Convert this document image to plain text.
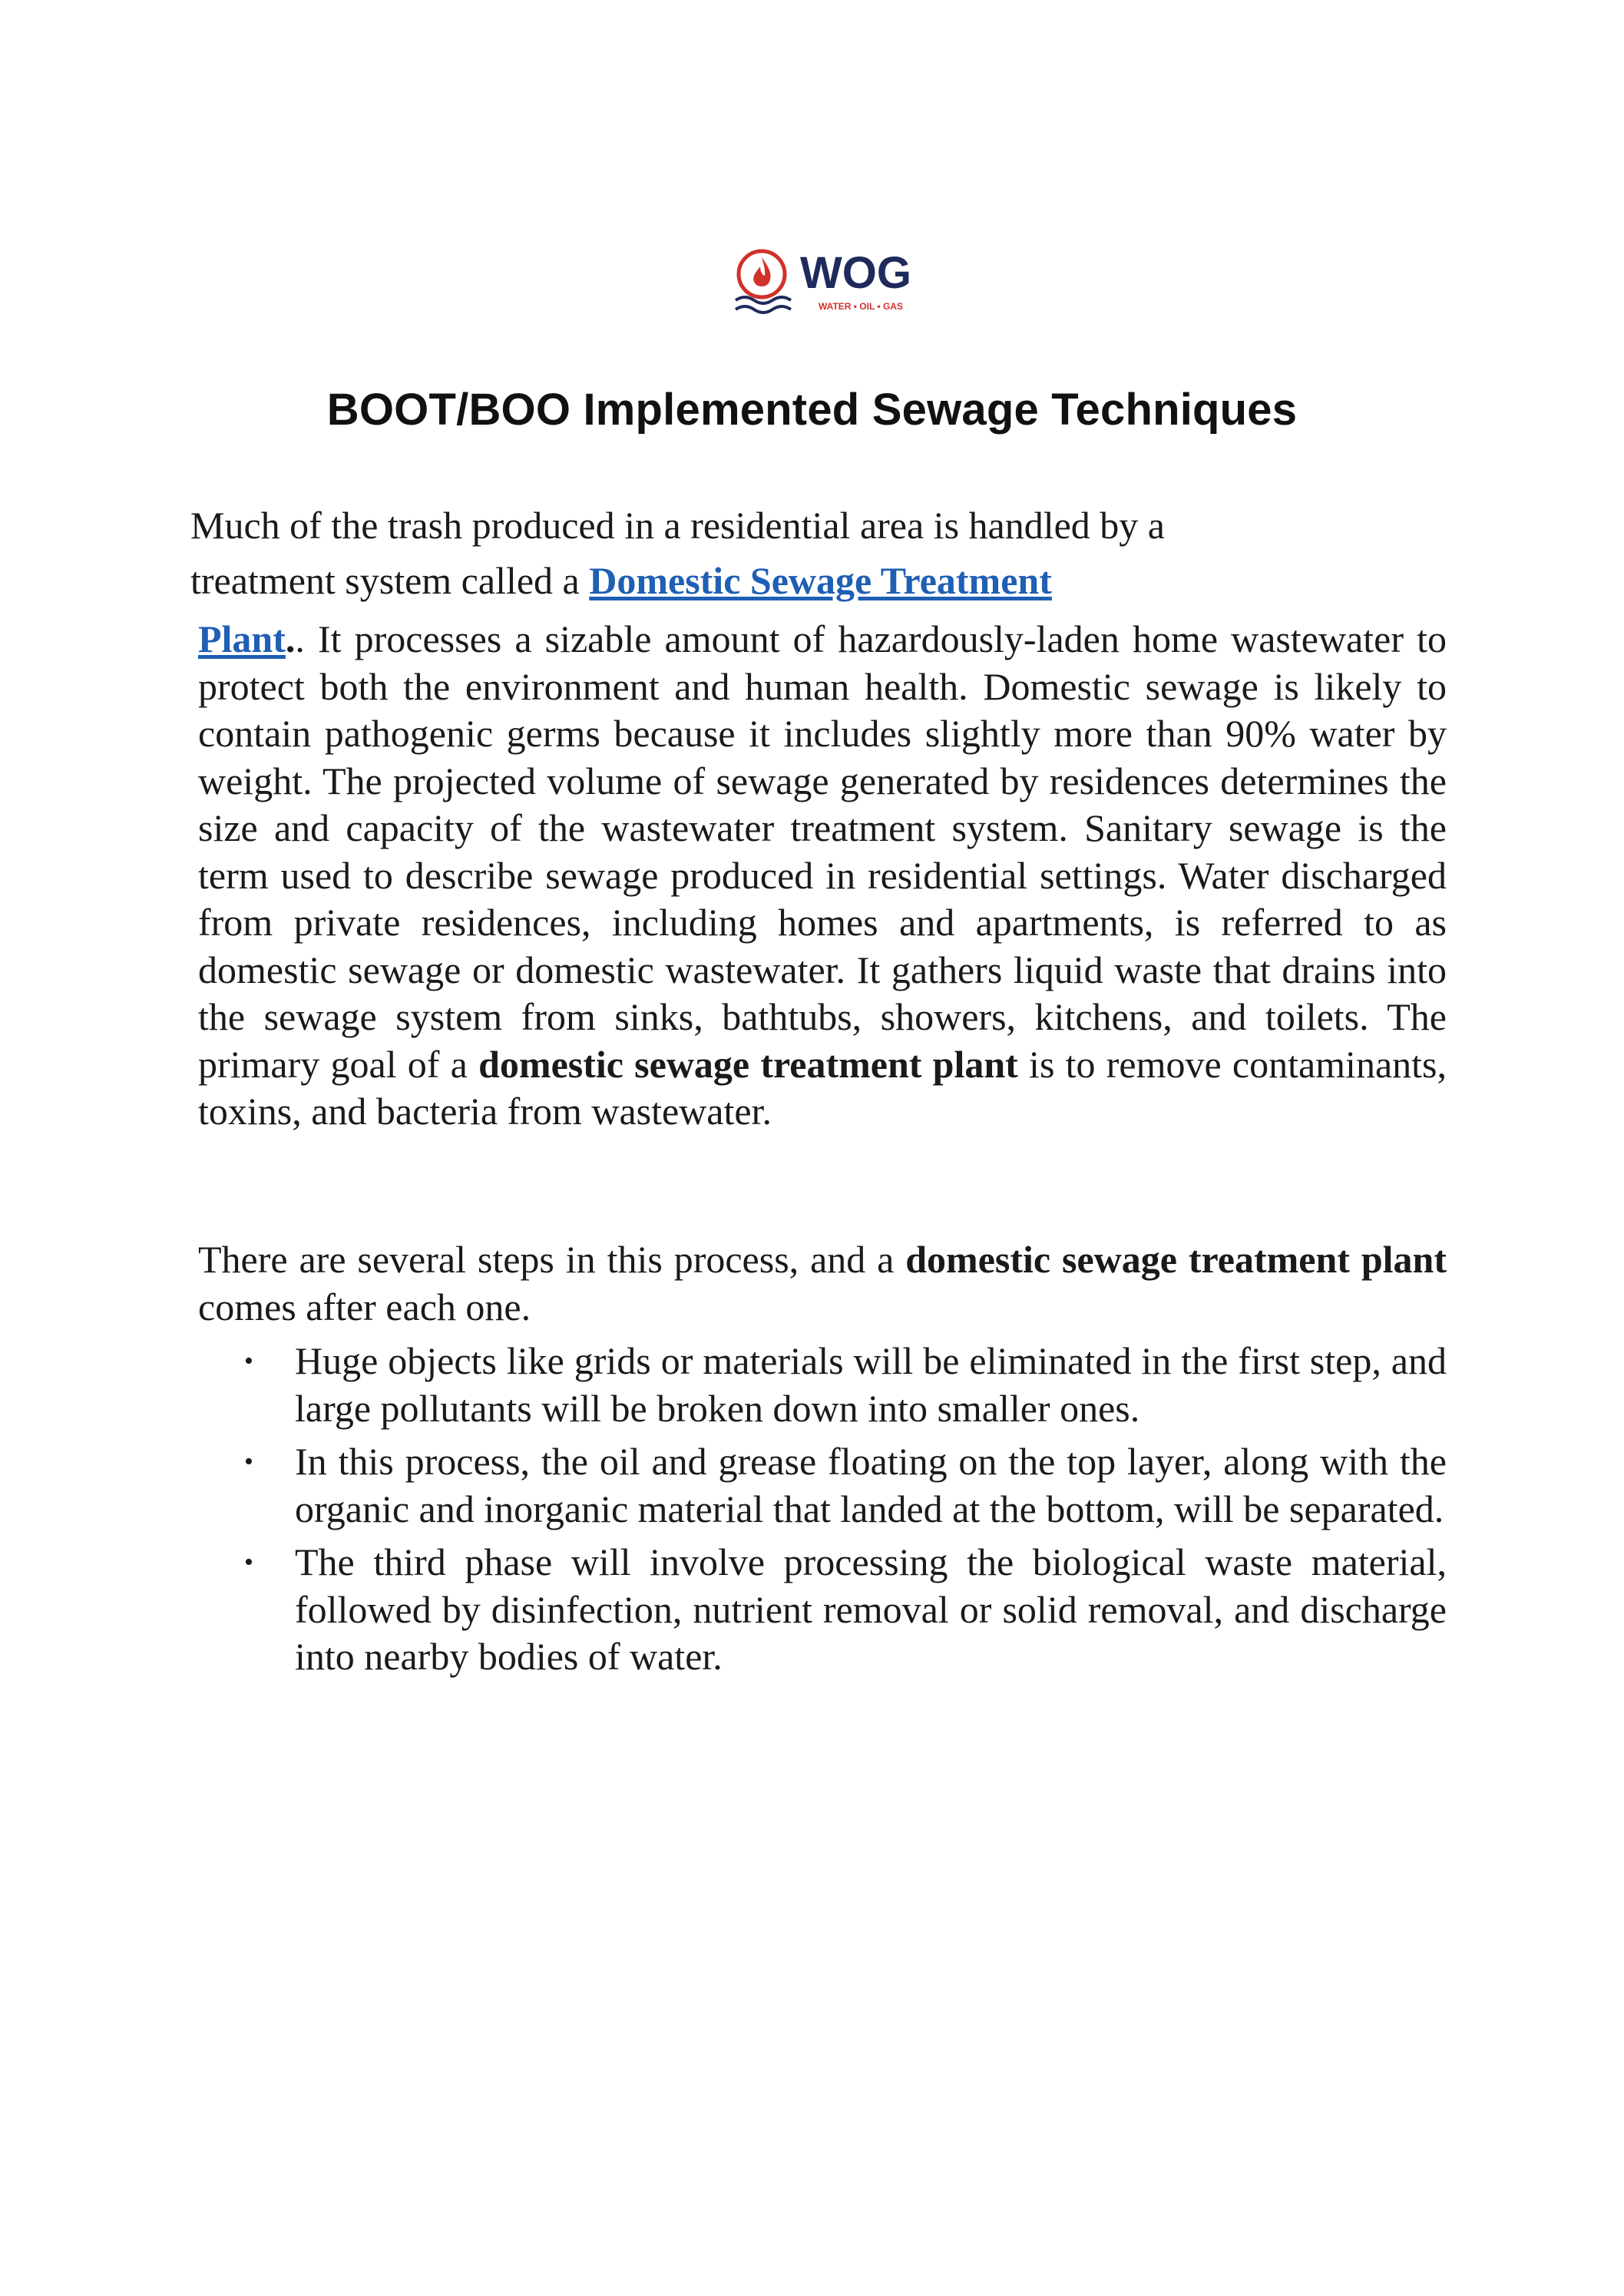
WOG
WATER • OIL • GAS
BOOT/BOO Implemented Sewage Techniques

Much of the trash produced in a residential area is handled by a
treatment system called a Domestic Sewage Treatment

Plant.. It processes a sizable amount of hazardously-laden home wastewater to protect both the environment and human health. Domestic sewage is likely to contain pathogenic germs because it includes slightly more than 90% water by weight. The projected volume of sewage generated by residences determines the size and capacity of the wastewater treatment system. Sanitary sewage is the term used to describe sewage produced in residential settings. Water discharged from private residences, including homes and apartments, is referred to as domestic sewage or domestic wastewater. It gathers liquid waste that drains into the sewage system from sinks, bathtubs, showers, kitchens, and toilets. The primary goal of a domestic sewage treatment plant is to remove contaminants, toxins, and bacteria from wastewater.

There are several steps in this process, and a domestic sewage treatment plant comes after each one.

• Huge objects like grids or materials will be eliminated in the first step, and large pollutants will be broken down into smaller ones.
• In this process, the oil and grease floating on the top layer, along with the organic and inorganic material that landed at the bottom, will be separated.
• The third phase will involve processing the biological waste material, followed by disinfection, nutrient removal or solid removal, and discharge into nearby bodies of water.
